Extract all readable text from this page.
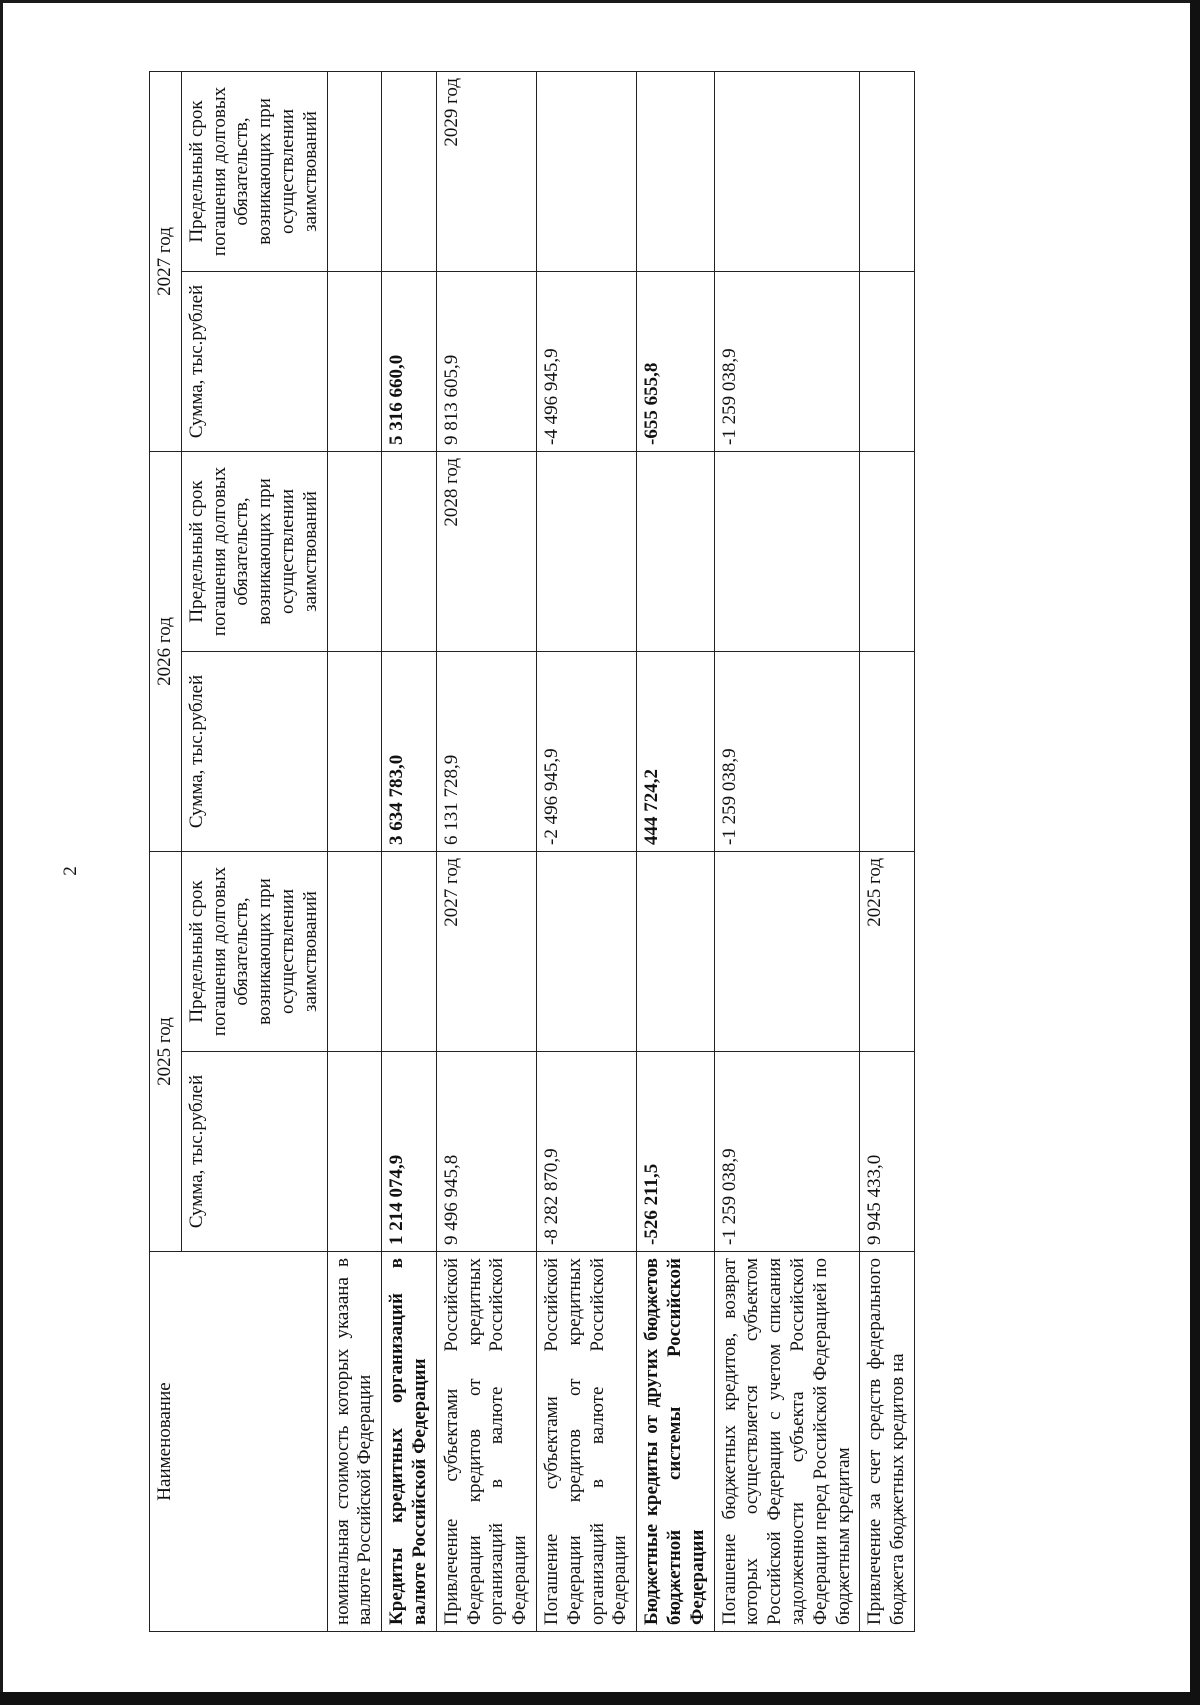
2
Наименование	2025 год		2026 год		2027 год	
	Сумма, тыс.рублей	Предельный срок погашения долговых обязательств, возникающих при осуществлении заимствований	Сумма, тыс.рублей	Предельный срок погашения долговых обязательств, возникающих при осуществлении заимствований	Сумма, тыс.рублей	Предельный срок погашения долговых обязательств, возникающих при осуществлении заимствований
номинальная стоимость которых указана в валюте Российской Федерации						
Кредиты кредитных организаций в валюте Российской Федерации	1 214 074,9		3 634 783,0		5 316 660,0	
Привлечение субъектами Российской Федерации кредитов от кредитных организаций в валюте Российской Федерации	9 496 945,8	2027 год	6 131 728,9	2028 год	9 813 605,9	2029 год
Погашение субъектами Российской Федерации кредитов от кредитных организаций в валюте Российской Федерации	-8 282 870,9		-2 496 945,9		-4 496 945,9	
Бюджетные кредиты от других бюджетов бюджетной системы Российской Федерации	-526 211,5		444 724,2		-655 655,8	
Погашение бюджетных кредитов, возврат которых осуществляется субъектом Российской Федерации с учетом списания задолженности субъекта Российской Федерации перед Российской Федерацией по бюджетным кредитам	-1 259 038,9		-1 259 038,9		-1 259 038,9	
Привлечение за счет средств федерального бюджета бюджетных кредитов на	9 945 433,0	2025 год				
